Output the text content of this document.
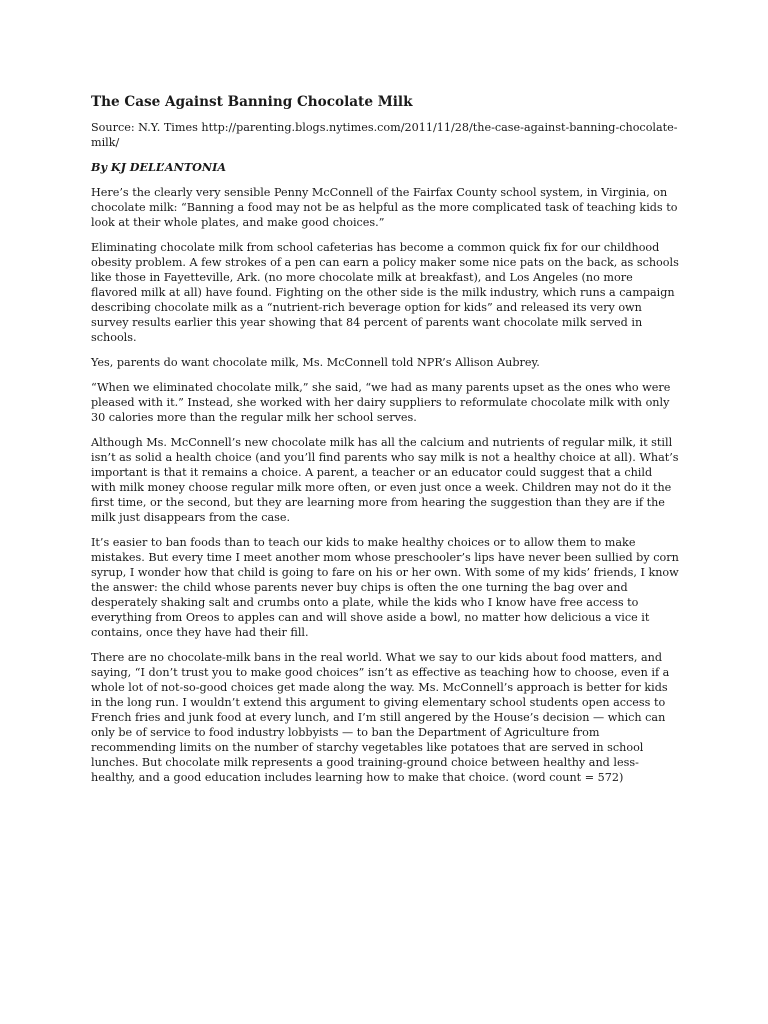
The Case Against Banning Chocolate Milk

Source: N.Y. Times http://parenting.blogs.nytimes.com/2011/11/28/the-case-against-banning-chocolate-milk/

By KJ DELL’ANTONIA

Here’s the clearly very sensible Penny McConnell of the Fairfax County school system, in Virginia, on chocolate milk: “Banning a food may not be as helpful as the more complicated task of teaching kids to look at their whole plates, and make good choices.”

Eliminating chocolate milk from school cafeterias has become a common quick fix for our childhood obesity problem. A few strokes of a pen can earn a policy maker some nice pats on the back, as schools like those in Fayetteville, Ark. (no more chocolate milk at breakfast), and Los Angeles (no more flavored milk at all) have found. Fighting on the other side is the milk industry, which runs a campaign describing chocolate milk as a “nutrient-rich beverage option for kids” and released its very own survey results earlier this year showing that 84 percent of parents want chocolate milk served in schools.

Yes, parents do want chocolate milk, Ms. McConnell told NPR’s Allison Aubrey.

“When we eliminated chocolate milk,” she said, “we had as many parents upset as the ones who were pleased with it.” Instead, she worked with her dairy suppliers to reformulate chocolate milk with only 30 calories more than the regular milk her school serves.

Although Ms. McConnell’s new chocolate milk has all the calcium and nutrients of regular milk, it still isn’t as solid a health choice (and you’ll find parents who say milk is not a healthy choice at all). What’s important is that it remains a choice. A parent, a teacher or an educator could suggest that a child with milk money choose regular milk more often, or even just once a week. Children may not do it the first time, or the second, but they are learning more from hearing the suggestion than they are if the milk just disappears from the case.

It’s easier to ban foods than to teach our kids to make healthy choices or to allow them to make mistakes. But every time I meet another mom whose preschooler’s lips have never been sullied by corn syrup, I wonder how that child is going to fare on his or her own. With some of my kids’ friends, I know the answer: the child whose parents never buy chips is often the one turning the bag over and desperately shaking salt and crumbs onto a plate, while the kids who I know have free access to everything from Oreos to apples can and will shove aside a bowl, no matter how delicious a vice it contains, once they have had their fill.

There are no chocolate-milk bans in the real world. What we say to our kids about food matters, and saying, “I don’t trust you to make good choices” isn’t as effective as teaching how to choose, even if a whole lot of not-so-good choices get made along the way. Ms. McConnell’s approach is better for kids in the long run. I wouldn’t extend this argument to giving elementary school students open access to French fries and junk food at every lunch, and I’m still angered by the House’s decision — which can only be of service to food industry lobbyists — to ban the Department of Agriculture from recommending limits on the number of starchy vegetables like potatoes that are served in school lunches. But chocolate milk represents a good training-ground choice between healthy and less-healthy, and a good education includes learning how to make that choice. (word count = 572)
